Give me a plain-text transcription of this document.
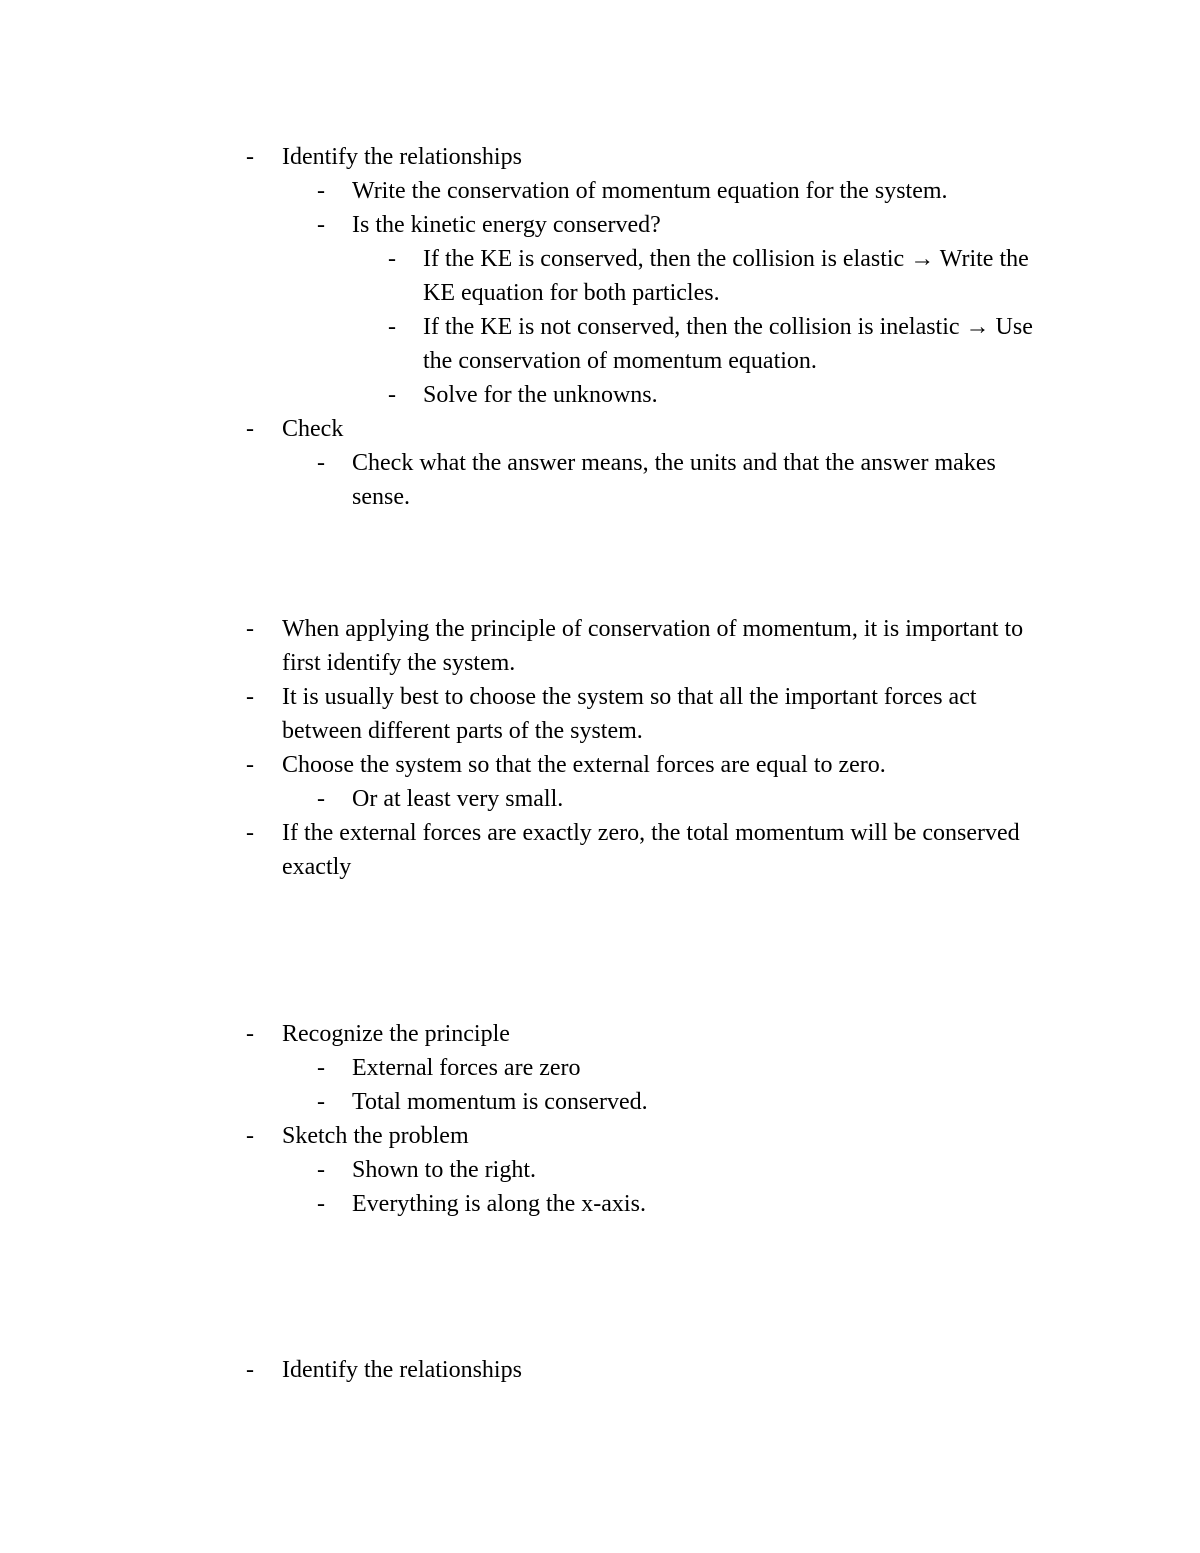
- Identify the relationships
- Write the conservation of momentum equation for the system.
- Is the kinetic energy conserved?
- If the KE is conserved, then the collision is elastic → Write the KE equation for both particles.
- If the KE is not conserved, then the collision is inelastic → Use the conservation of momentum equation.
- Solve for the unknowns.
- Check
- Check what the answer means, the units and that the answer makes sense.
- When applying the principle of conservation of momentum, it is important to first identify the system.
- It is usually best to choose the system so that all the important forces act between different parts of the system.
- Choose the system so that the external forces are equal to zero.
- Or at least very small.
- If the external forces are exactly zero, the total momentum will be conserved exactly
- Recognize the principle
- External forces are zero
- Total momentum is conserved.
- Sketch the problem
- Shown to the right.
- Everything is along the x-axis.
- Identify the relationships
